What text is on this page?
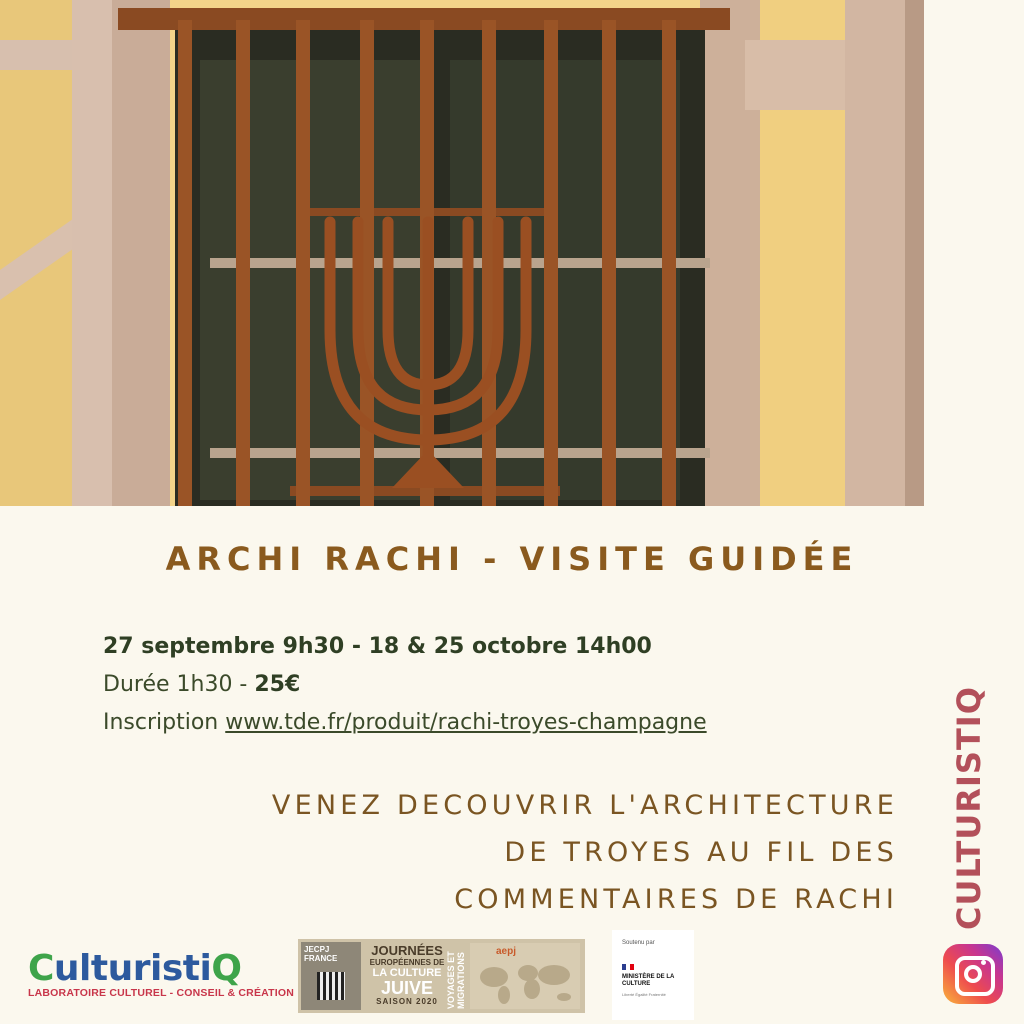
ARCHI RACHI - VISITE GUIDÉE
27 septembre 9h30 - 18 & 25 octobre 14h00
Durée 1h30 - 25€
Inscription www.tde.fr/produit/rachi-troyes-champagne
VENEZ DECOUVRIR L'ARCHITECTURE
DE TROYES AU FIL DES
COMMENTAIRES DE RACHI CULTURISTIQ
CulturistiQ
LABORATOIRE CULTUREL - CONSEIL & CRÉATION
JECPJ FRANCE
JOURNÉES
EUROPÉENNES DE
LA CULTURE
JUIVE
SAISON 2020 VOYAGES ET MIGRATIONS
aepj
Soutenu par
MINISTÈRE DE LA CULTURE
Liberté Égalité Fraternité
